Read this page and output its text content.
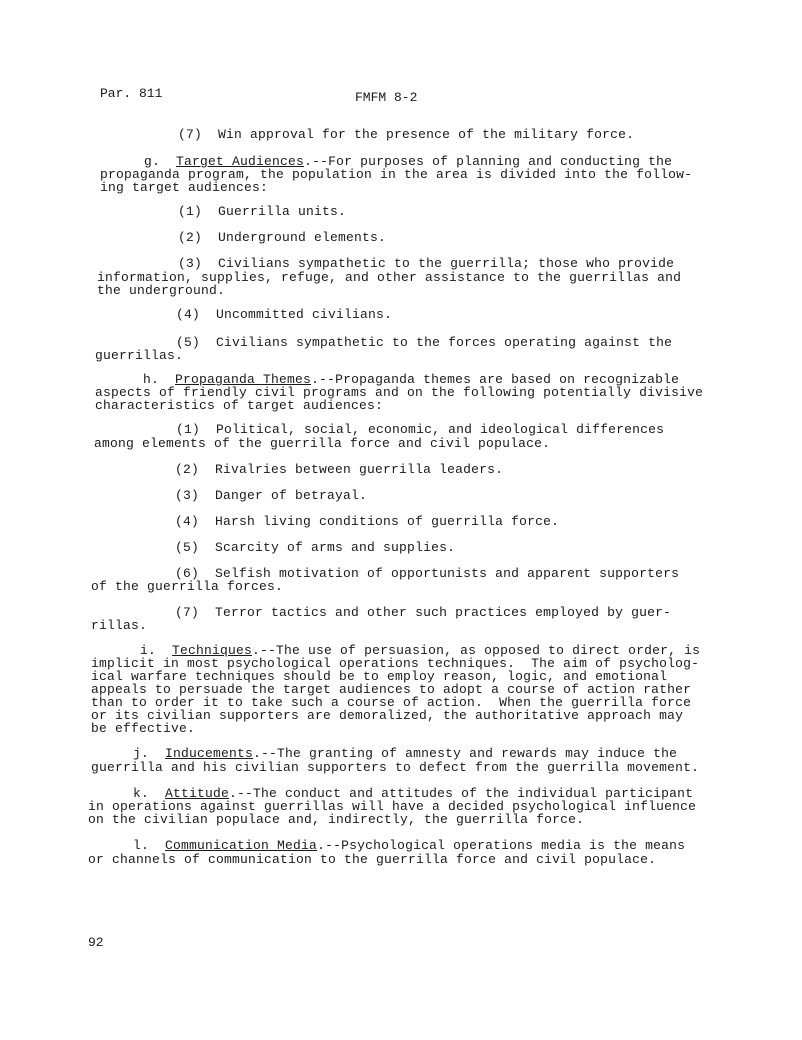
Par. 811	FMFM 8-2
(7) Win approval for the presence of the military force.
g. Target Audiences.--For purposes of planning and conducting the
propaganda program, the population in the area is divided into the follow-
ing target audiences:
(1) Guerrilla units.
(2) Underground elements.
(3) Civilians sympathetic to the guerrilla; those who provide
information, supplies, refuge, and other assistance to the guerrillas and
the underground.
(4) Uncommitted civilians.
(5) Civilians sympathetic to the forces operating against the
guerrillas.
h. Propaganda Themes.--Propaganda themes are based on recognizable
aspects of friendly civil programs and on the following potentially divisive
characteristics of target audiences:
(1) Political, social, economic, and ideological differences
among elements of the guerrilla force and civil populace.
(2) Rivalries between guerrilla leaders.
(3) Danger of betrayal.
(4) Harsh living conditions of guerrilla force.
(5) Scarcity of arms and supplies.
(6) Selfish motivation of opportunists and apparent supporters
of the guerrilla forces.
(7) Terror tactics and other such practices employed by guer-
rillas.
i. Techniques.--The use of persuasion, as opposed to direct order, is
implicit in most psychological operations techniques.  The aim of psycholog-
ical warfare techniques should be to employ reason, logic, and emotional
appeals to persuade the target audiences to adopt a course of action rather
than to order it to take such a course of action.  When the guerrilla force
or its civilian supporters are demoralized, the authoritative approach may
be effective.
j. Inducements.--The granting of amnesty and rewards may induce the
guerrilla and his civilian supporters to defect from the guerrilla movement.
k. Attitude.--The conduct and attitudes of the individual participant
in operations against guerrillas will have a decided psychological influence
on the civilian populace and, indirectly, the guerrilla force.
l. Communication Media.--Psychological operations media is the means
or channels of communication to the guerrilla force and civil populace.
92
